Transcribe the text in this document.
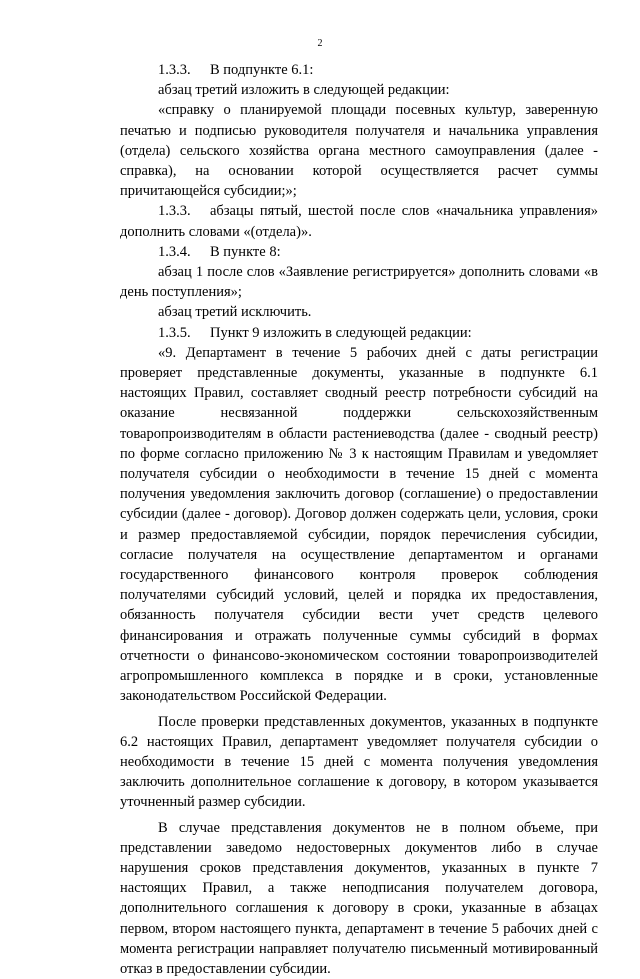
2

1.3.3. В подпункте 6.1:

абзац третий изложить в следующей редакции:

«справку о планируемой площади посевных культур, заверенную печатью и подписью руководителя получателя и начальника управления (отдела) сельского хозяйства органа местного самоуправления (далее - справка), на основании которой осуществляется расчет суммы причитающейся субсидии;»;

1.3.3. абзацы пятый, шестой после слов «начальника управления» дополнить словами «(отдела)».

1.3.4. В пункте 8:

абзац 1 после слов «Заявление регистрируется» дополнить словами «в день поступления»;

абзац третий исключить.

1.3.5. Пункт 9 изложить в следующей редакции:

«9. Департамент в течение 5 рабочих дней с даты регистрации проверяет представленные документы, указанные в подпункте 6.1 настоящих Правил, составляет сводный реестр потребности субсидий на оказание несвязанной поддержки сельскохозяйственным товаропроизводителям в области растениеводства (далее - сводный реестр) по форме согласно приложению № 3 к настоящим Правилам и уведомляет получателя субсидии о необходимости в течение 15 дней с момента получения уведомления заключить договор (соглашение) о предоставлении субсидии (далее - договор). Договор должен содержать цели, условия, сроки и размер предоставляемой субсидии, порядок перечисления субсидии, согласие получателя на осуществление департаментом и органами государственного финансового контроля проверок соблюдения получателями субсидий условий, целей и порядка их предоставления, обязанность получателя субсидии вести учет средств целевого финансирования и отражать полученные суммы субсидий в формах отчетности о финансово-экономическом состоянии товаропроизводителей агропромышленного комплекса в порядке и в сроки, установленные законодательством Российской Федерации.

После проверки представленных документов, указанных в подпункте 6.2 настоящих Правил, департамент уведомляет получателя субсидии о необходимости в течение 15 дней с момента получения уведомления заключить дополнительное соглашение к договору, в котором указывается уточненный размер субсидии.

В случае представления документов не в полном объеме, при представлении заведомо недостоверных документов либо в случае нарушения сроков представления документов, указанных в пункте 7 настоящих Правил, а также неподписания получателем договора, дополнительного соглашения к договору в сроки, указанные в абзацах первом, втором настоящего пункта, департамент в течение 5 рабочих дней с момента регистрации направляет получателю письменный мотивированный отказ в предоставлении субсидии.
